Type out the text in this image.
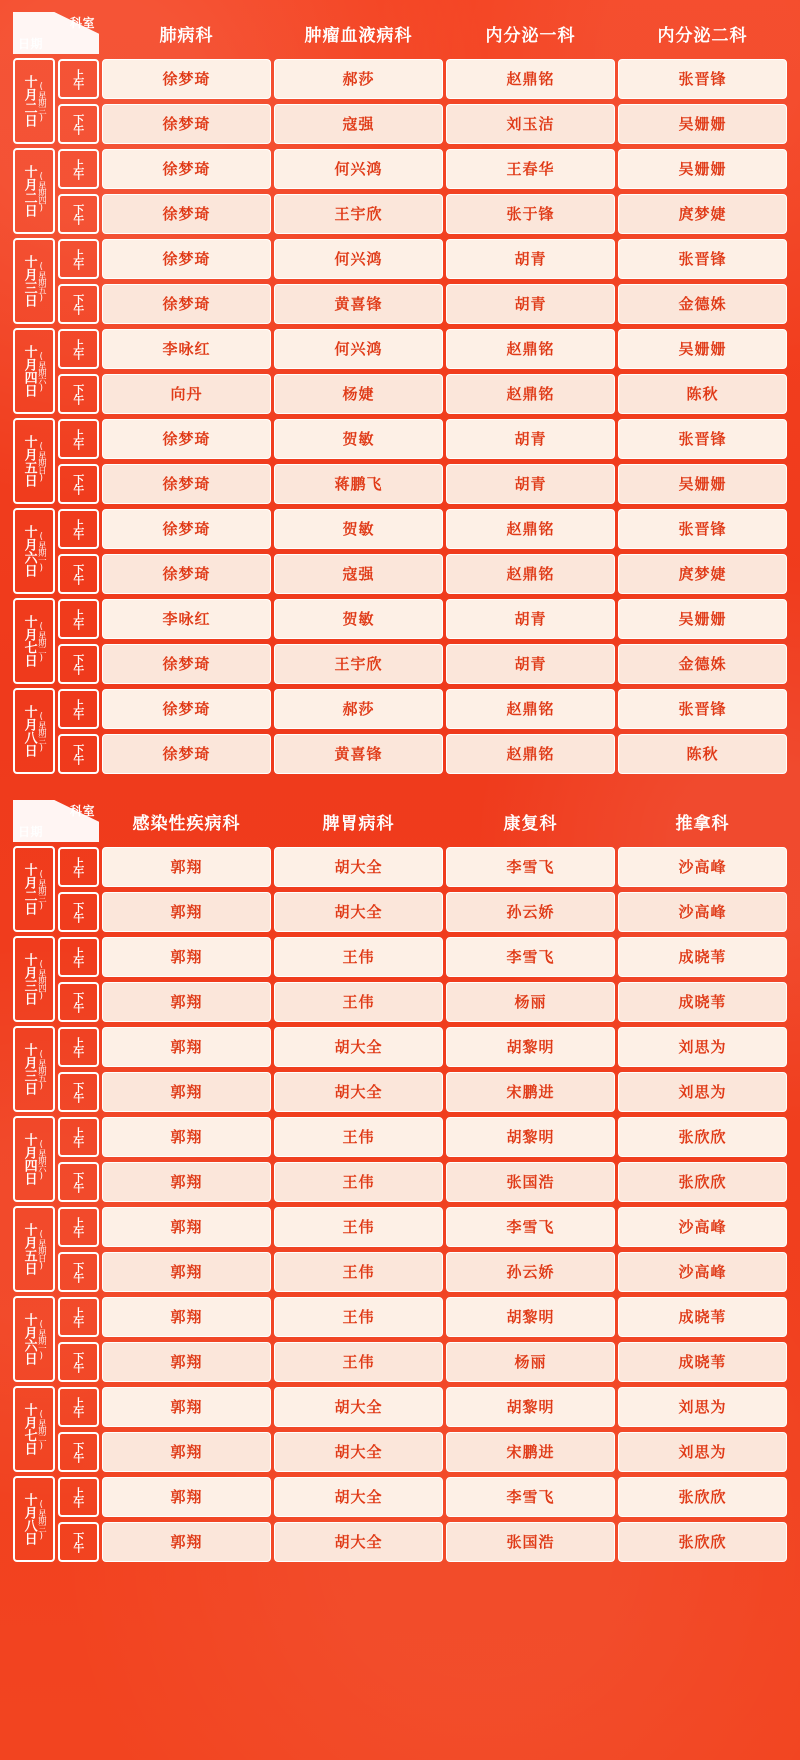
科室
日期		肺病科	肿瘤血液病科	内分泌一科	内分泌二科

十月二日 (星期三)	上午	徐梦琦	郝莎	赵鼎铭	张晋锋

	下午	徐梦琦	寇强	刘玉洁	吴姗姗

十月二日 (星期四)	上午	徐梦琦	何兴鸿	王春华	吴姗姗

	下午	徐梦琦	王宇欣	张于锋	庹梦婕

十月三日 (星期五)	上午	徐梦琦	何兴鸿	胡青	张晋锋

	下午	徐梦琦	黄喜锋	胡青	金德姝

十月四日 (星期六)	上午	李咏红	何兴鸿	赵鼎铭	吴姗姗

	下午	向丹	杨婕	赵鼎铭	陈秋

十月五日 (星期日)	上午	徐梦琦	贺敏	胡青	张晋锋

	下午	徐梦琦	蒋鹏飞	胡青	吴姗姗

十月六日 (星期一)	上午	徐梦琦	贺敏	赵鼎铭	张晋锋

	下午	徐梦琦	寇强	赵鼎铭	庹梦婕

十月七日 (星期二)	上午	李咏红	贺敏	胡青	吴姗姗

	下午	徐梦琦	王宇欣	胡青	金德姝

十月八日 (星期三)	上午	徐梦琦	郝莎	赵鼎铭	张晋锋

	下午	徐梦琦	黄喜锋	赵鼎铭	陈秋
科室
日期		感染性疾病科	脾胃病科	康复科	推拿科

十月二日 (星期三)	上午	郭翔	胡大全	李雪飞	沙高峰

	下午	郭翔	胡大全	孙云娇	沙高峰

十月三日 (星期四)	上午	郭翔	王伟	李雪飞	成晓苇

	下午	郭翔	王伟	杨丽	成晓苇

十月三日 (星期五)	上午	郭翔	胡大全	胡黎明	刘思为

	下午	郭翔	胡大全	宋鹏进	刘思为

十月四日 (星期六)	上午	郭翔	王伟	胡黎明	张欣欣

	下午	郭翔	王伟	张国浩	张欣欣

十月五日 (星期日)	上午	郭翔	王伟	李雪飞	沙高峰

	下午	郭翔	王伟	孙云娇	沙高峰

十月六日 (星期一)	上午	郭翔	王伟	胡黎明	成晓苇

	下午	郭翔	王伟	杨丽	成晓苇

十月七日 (星期二)	上午	郭翔	胡大全	胡黎明	刘思为

	下午	郭翔	胡大全	宋鹏进	刘思为

十月八日 (星期三)	上午	郭翔	胡大全	李雪飞	张欣欣

	下午	郭翔	胡大全	张国浩	张欣欣
